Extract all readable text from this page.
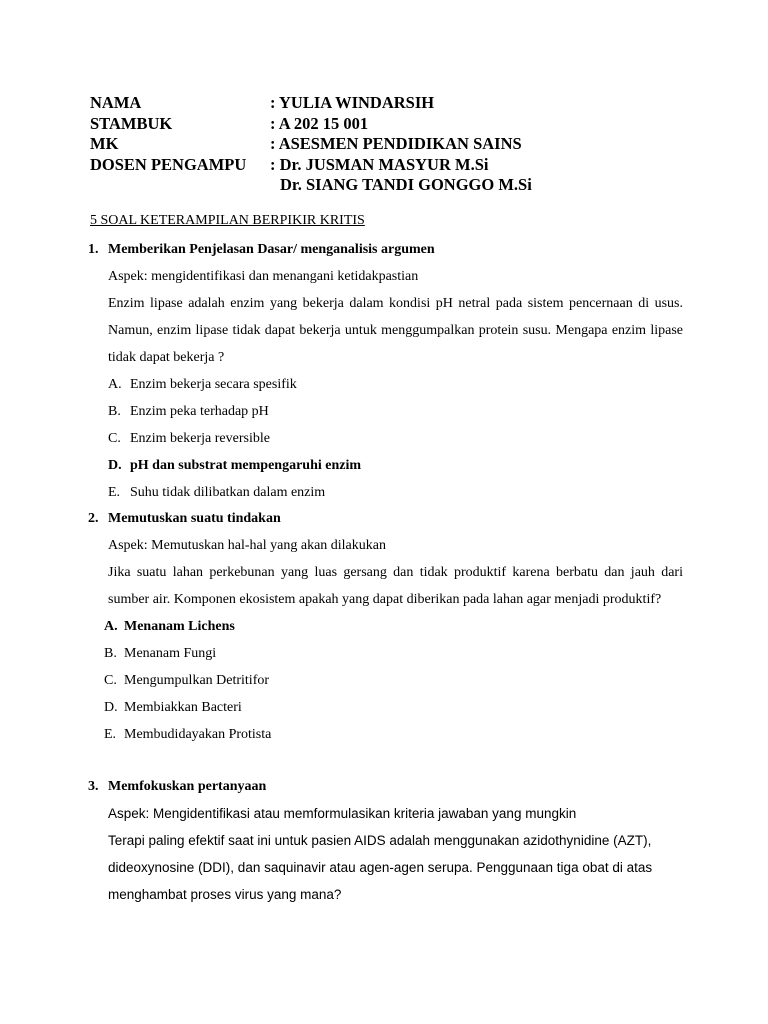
NAMA	: YULIA WINDARSIH
STAMBUK	: A 202 15 001
MK	: ASESMEN PENDIDIKAN SAINS
DOSEN PENGAMPU	: Dr. JUSMAN MASYUR M.Si
Dr. SIANG TANDI GONGGO M.Si
5 SOAL KETERAMPILAN BERPIKIR KRITIS
1. Memberikan Penjelasan Dasar/ menganalisis argumen
Aspek: mengidentifikasi dan menangani ketidakpastian
Enzim lipase adalah enzim yang bekerja dalam kondisi pH netral pada sistem pencernaan di usus. Namun, enzim lipase tidak dapat bekerja untuk menggumpalkan protein susu. Mengapa enzim lipase tidak dapat bekerja ?
A. Enzim bekerja secara spesifik
B. Enzim peka terhadap pH
C. Enzim bekerja reversible
D. pH dan substrat mempengaruhi enzim
E. Suhu tidak dilibatkan dalam enzim
2. Memutuskan suatu tindakan
Aspek: Memutuskan hal-hal yang akan dilakukan
Jika suatu lahan perkebunan yang luas gersang dan tidak produktif karena berbatu dan jauh dari sumber air. Komponen ekosistem apakah yang dapat diberikan pada lahan agar menjadi produktif?
A. Menanam Lichens
B. Menanam Fungi
C. Mengumpulkan Detritifor
D. Membiakkan Bacteri
E. Membudidayakan Protista
3. Memfokuskan pertanyaan
Aspek: Mengidentifikasi atau memformulasikan kriteria jawaban yang mungkin
Terapi paling efektif saat ini untuk pasien AIDS adalah menggunakan azidothynidine (AZT), dideoxynosine (DDI), dan saquinavir atau agen-agen serupa. Penggunaan tiga obat di atas menghambat proses virus yang mana?
